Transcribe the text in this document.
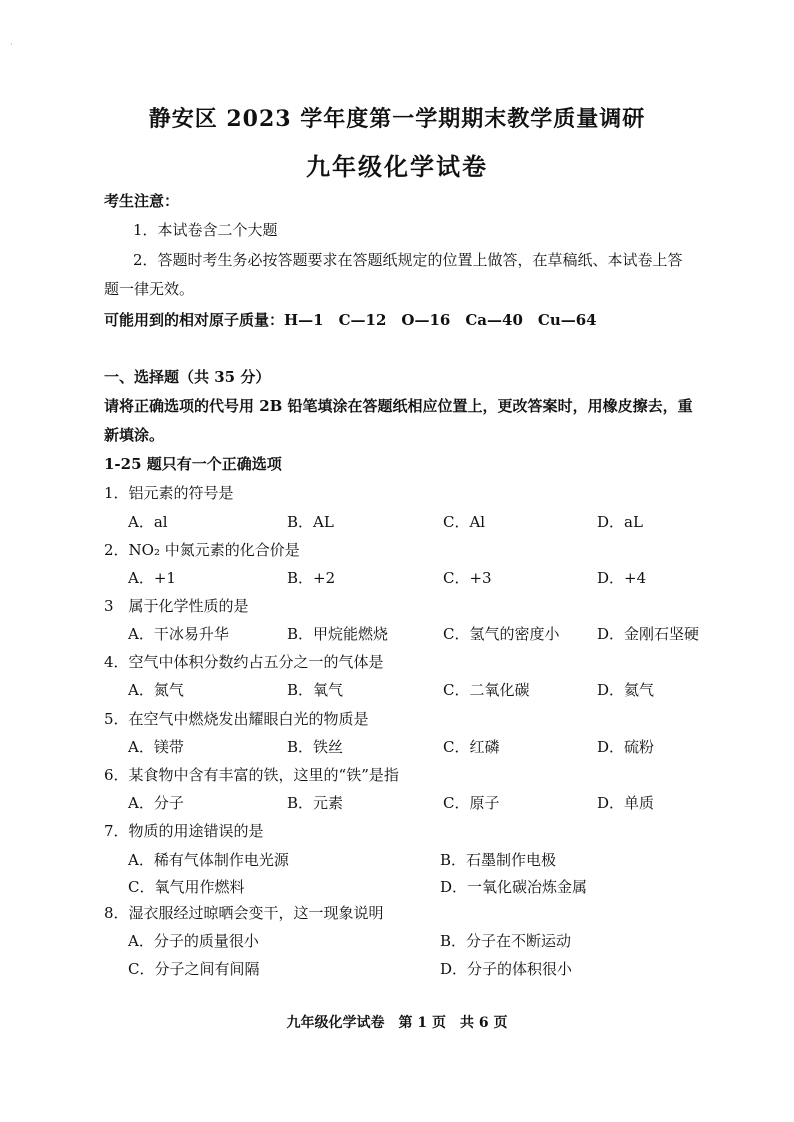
·
静安区 2023 学年度第一学期期末教学质量调研
九年级化学试卷
考生注意：
1．本试卷含二个大题
2．答题时考生务必按答题要求在答题纸规定的位置上做答，在草稿纸、本试卷上答
题一律无效。
可能用到的相对原子质量：H—1　C—12　O—16　Ca—40　Cu—64
一、选择题（共 35 分）
请将正确选项的代号用 2B 铅笔填涂在答题纸相应位置上，更改答案时，用橡皮擦去，重
新填涂。
1-25 题只有一个正确选项
1．铝元素的符号是
A．al	B．AL	C．Al	D．aL
2．NO₂ 中氮元素的化合价是
A．+1	B．+2	C．+3	D．+4
3　属于化学性质的是
A．干冰易升华	B．甲烷能燃烧	C．氢气的密度小	D．金刚石坚硬
4．空气中体积分数约占五分之一的气体是
A．氮气	B．氧气	C．二氧化碳	D．氦气
5．在空气中燃烧发出耀眼白光的物质是
A．镁带	B．铁丝	C．红磷	D．硫粉
6．某食物中含有丰富的铁，这里的“铁”是指
A．分子	B．元素	C．原子	D．单质
7．物质的用途错误的是
A．稀有气体制作电光源	B．石墨制作电极
C．氧气用作燃料	D．一氧化碳冶炼金属
8．湿衣服经过晾晒会变干，这一现象说明
A．分子的质量很小	B．分子在不断运动
C．分子之间有间隔	D．分子的体积很小
九年级化学试卷　第 1 页　共 6 页
